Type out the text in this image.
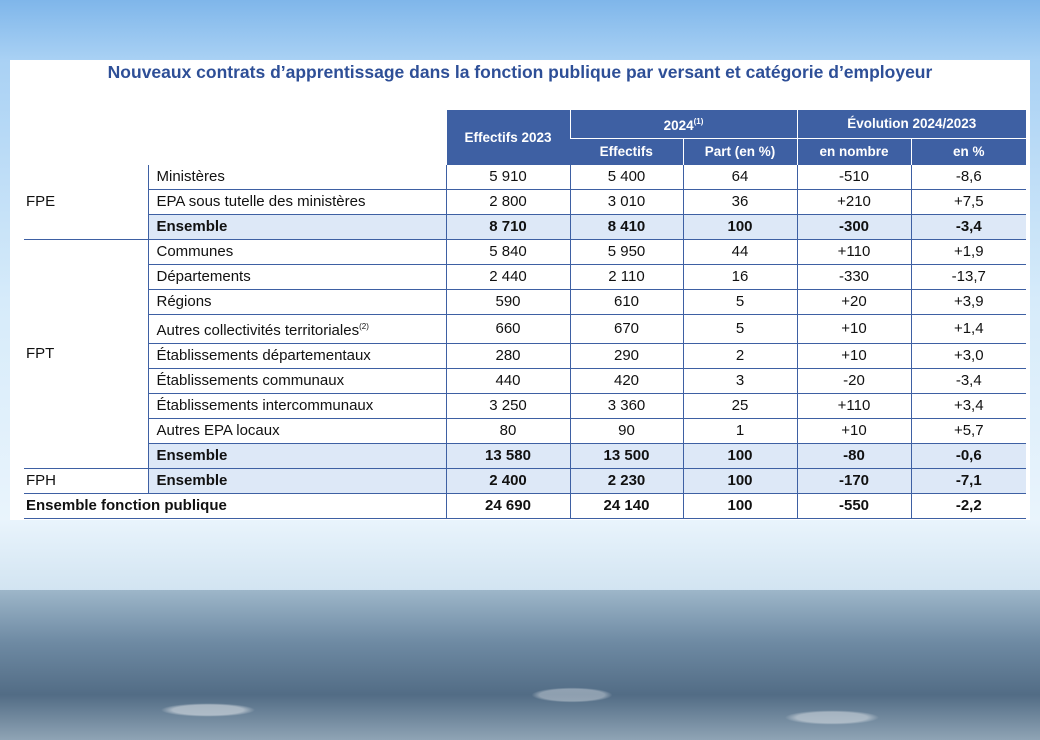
Nouveaux contrats d’apprentissage dans la fonction publique par versant et catégorie d’employeur
		Effectifs 2023	2024$^{(1)}$		Évolution 2024/2023	
			Effectifs	Part (en %)	en nombre	en %
FPE	Ministères	5 910	5 400	64	-510	-8,6
	EPA sous tutelle des ministères	2 800	3 010	36	+210	+7,5
	Ensemble	8 710	8 410	100	-300	-3,4
FPT	Communes	5 840	5 950	44	+110	+1,9
	Départements	2 440	2 110	16	-330	-13,7
	Régions	590	610	5	+20	+3,9
	Autres collectivités territoriales$^{(2)}$	660	670	5	+10	+1,4
	Établissements départementaux	280	290	2	+10	+3,0
	Établissements communaux	440	420	3	-20	-3,4
	Établissements intercommunaux	3 250	3 360	25	+110	+3,4
	Autres EPA locaux	80	90	1	+10	+5,7
	Ensemble	13 580	13 500	100	-80	-0,6
FPH	Ensemble	2 400	2 230	100	-170	-7,1
Ensemble fonction publique		24 690	24 140	100	-550	-2,2
